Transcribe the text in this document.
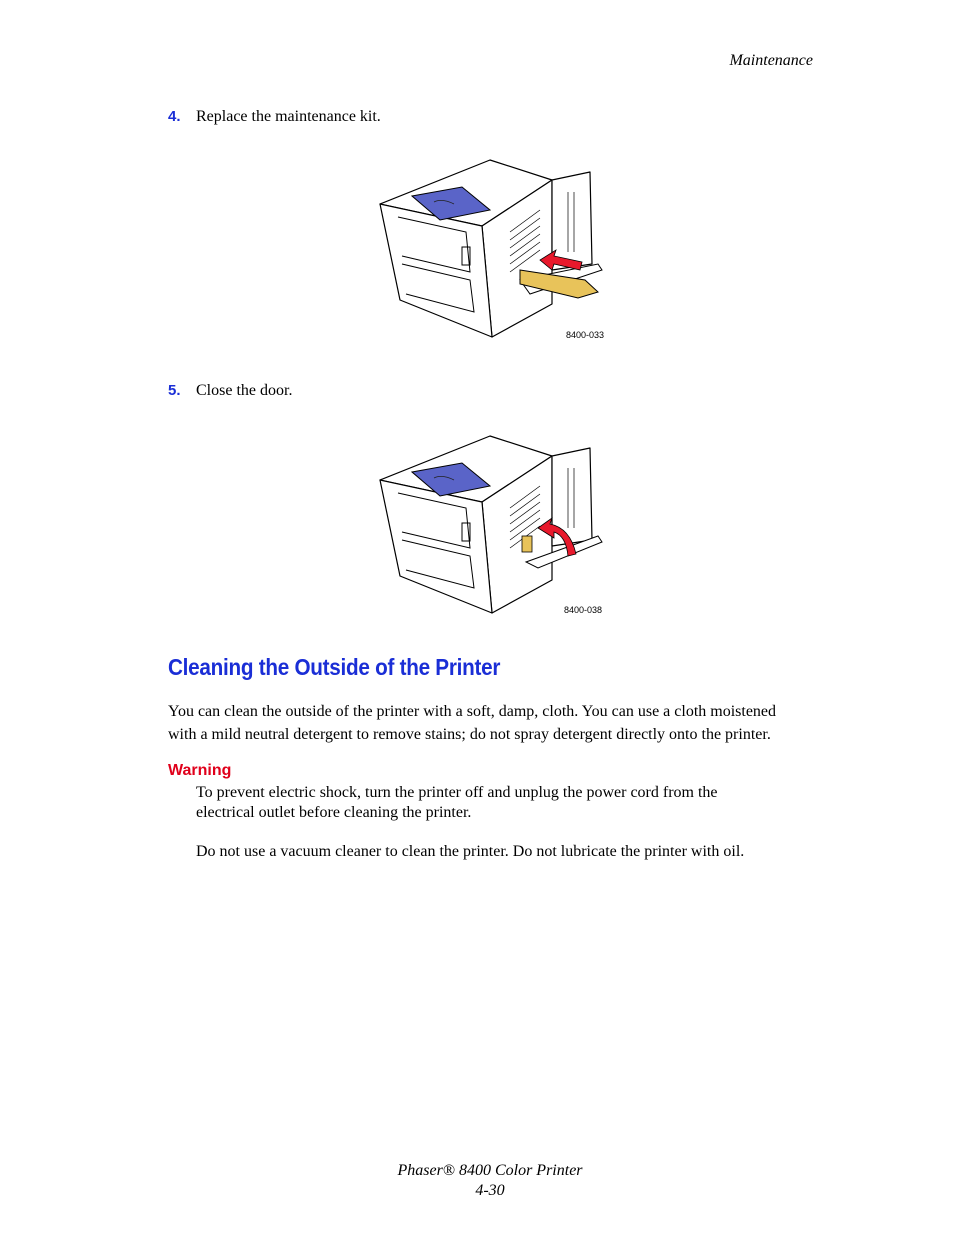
Maintenance
4. Replace the maintenance kit.
8400-033
5. Close the door.
8400-038
Cleaning the Outside of the Printer
You can clean the outside of the printer with a soft, damp, cloth. You can use a cloth moistened
with a mild neutral detergent to remove stains; do not spray detergent directly onto the printer.
Warning
To prevent electric shock, turn the printer off and unplug the power cord from the
electrical outlet before cleaning the printer.
Do not use a vacuum cleaner to clean the printer. Do not lubricate the printer with oil.
Phaser® 8400 Color Printer
4-30
